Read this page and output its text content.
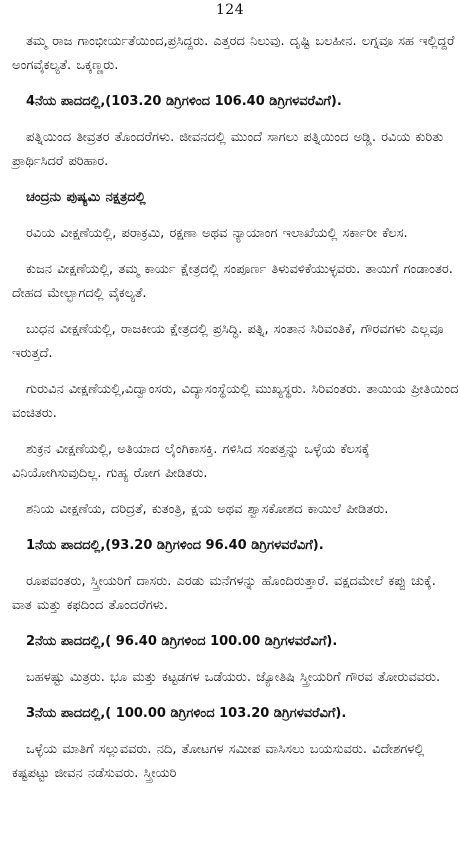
124

ತಮ್ಮ ರಾಜ ಗಾಂಭೀರ್ಯತೆಯಿಂದ,ಪ್ರಸಿದ್ದರು. ಎತ್ತರದ ನಿಲುವು. ದೃಷ್ಟಿ ಬಲಹೀನ. ಲಗ್ನವೂ ಸಹ ಇಲ್ಲಿದ್ದರೆ ಅಂಗವೈಕಲ್ಯತೆ. ಒಕ್ಕಣ್ಣರು.

4ನೆಯ ಪಾದದಲ್ಲಿ,(103.20 ಡಿಗ್ರಿಗಳಿಂದ 106.40 ಡಿಗ್ರಿಗಳವರೆವಿಗೆ).

ಪತ್ನಿಯಿಂದ ತೀವ್ರತರ ತೊಂದರೆಗಳು. ಜೀವನದಲ್ಲಿ ಮುಂದೆ ಸಾಗಲು ಪತ್ನಿಯಿಂದ ಅಡ್ಡಿ. ರವಿಯ ಕುರಿತು ಪ್ರಾರ್ಥಿಸಿದರೆ ಪರಿಹಾರ.

ಚಂದ್ರನು ಪುಷ್ಯಮಿ ನಕ್ಷತ್ರದಲ್ಲಿ

ರವಿಯ ವೀಕ್ಷಣೆಯಲ್ಲಿ, ಪರಾಕ್ರಮಿ, ರಕ್ಷಣಾ ಅಥವ ನ್ಯಾಯಾಂಗ ಇಲಾಖೆಯಲ್ಲಿ ಸರ್ಕಾರೀ ಕೆಲಸ.

ಕುಜನ ವೀಕ್ಷಣೆಯಲ್ಲಿ, ತಮ್ಮ ಕಾರ್ಯ ಕ್ಷೇತ್ರದಲ್ಲಿ ಸಂಪೂರ್ಣ ತಿಳುವಳಿಕೆಯುಳ್ಳವರು. ತಾಯಿಗೆ ಗಂಡಾಂತರ. ದೇಹದ ಮೇಲ್ಭಾಗದಲ್ಲಿ ವೈಕಲ್ಯತೆ.

ಬುಧನ ವೀಕ್ಷಣೆಯಲ್ಲಿ, ರಾಜಕೀಯ ಕ್ಷೇತ್ರದಲ್ಲಿ ಪ್ರಸಿದ್ಧಿ. ಪತ್ನಿ, ಸಂತಾನ ಸಿರಿವಂತಿಕೆ, ಗೌರವಗಳು ಎಲ್ಲವೂ ಇರುತ್ತದೆ.

ಗುರುವಿನ ವೀಕ್ಷಣೆಯಲ್ಲಿ,ವಿದ್ವಾಂಸರು, ವಿದ್ಯಾಸಂಸ್ಥೆಯಲ್ಲಿ ಮುಖ್ಯಸ್ಥರು. ಸಿರಿವಂತರು. ತಾಯಿಯ ಪ್ರೀತಿಯಿಂದ ವಂಚಿತರು.

ಶುಕ್ರನ ವೀಕ್ಷಣೆಯಲ್ಲಿ, ಅತಿಯಾದ ಲೈಂಗಿಕಾಸಕ್ತಿ. ಗಳಿಸಿದ ಸಂಪತ್ತನ್ನು ಒಳ್ಳೆಯ ಕೆಲಸಕ್ಕೆ ವಿನಿಯೋಗಿಸುವುದಿಲ್ಲ. ಗುಹ್ಯ ರೋಗ ಪೀಡಿತರು.

ಶನಿಯ ವೀಕ್ಷಣೆಯ, ದರಿದ್ರತೆ, ಕುತಂತ್ರಿ, ಕ್ಷಯ ಅಥವ ಶ್ವಾಸಕೋಶದ ಕಾಯಿಲೆ ಪೀಡಿತರು.

1ನೆಯ ಪಾದದಲ್ಲಿ,(93.20 ಡಿಗ್ರಿಗಳಿಂದ 96.40 ಡಿಗ್ರಿಗಳವರೆವಿಗೆ).

ರೂಪವಂತರು, ಸ್ತ್ರೀಯರಿಗೆ ದಾಸರು. ಎರಡು ಮನೆಗಳನ್ನು ಹೊಂದಿರುತ್ತಾರೆ. ವಕ್ಷದಮೇಲೆ ಕಪ್ಪು ಚುಕ್ಕೆ. ವಾತ ಮತ್ತು ಕಫದಿಂದ ತೊಂದರೆಗಳು.

2ನೆಯ ಪಾದದಲ್ಲಿ,( 96.40 ಡಿಗ್ರಿಗಳಿಂದ 100.00 ಡಿಗ್ರಿಗಳವರೆವಿಗೆ).

ಬಹಳಷ್ಟು ಮಿತ್ರರು. ಭೂ ಮತ್ತು ಕಟ್ಟಡಗಳ ಒಡೆಯರು. ಜ್ಯೋತಿಷಿ ಸ್ತ್ರೀಯರಿಗೆ ಗೌರವ ತೋರುವವರು.

3ನೆಯ ಪಾದದಲ್ಲಿ,( 100.00 ಡಿಗ್ರಿಗಳಿಂದ 103.20 ಡಿಗ್ರಿಗಳವರೆವಿಗೆ).

ಒಳ್ಳೆಯ ಮಾತಿಗೆ ಸಲ್ಲುವವರು. ನದಿ, ತೋಟಗಳ ಸಮೀಪ ವಾಸಿಸಲು ಬಯಸುವರು. ವಿದೇಶಗಳಲ್ಲಿ ಕಷ್ಟಪಟ್ಟು ಜೀವನ ನಡೆಸುವರು. ಸ್ತ್ರೀಯರಿ
